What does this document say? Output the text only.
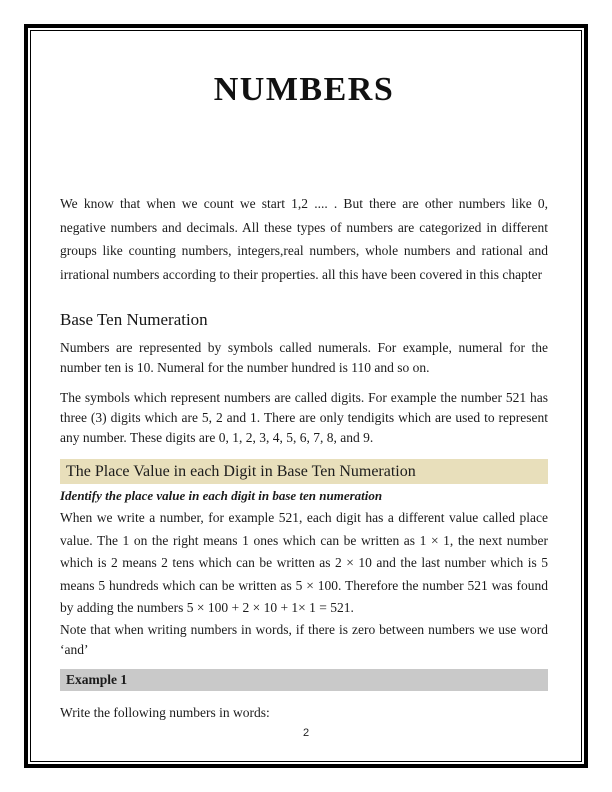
NUMBERS

We know that when we count we start 1,2 .... . But there are other numbers like 0, negative numbers and decimals. All these types of numbers are categorized in different groups like counting numbers, integers,real numbers, whole numbers and rational and irrational numbers according to their properties. all this have been covered in this chapter

Base Ten Numeration

Numbers are represented by symbols called numerals. For example, numeral for the number ten is 10. Numeral for the number hundred is 110 and so on.

The symbols which represent numbers are called digits. For example the number 521 has three (3) digits which are 5, 2 and 1. There are only tendigits which are used to represent any number. These digits are 0, 1, 2, 3, 4, 5, 6, 7, 8, and 9.

The Place Value in each Digit in Base Ten Numeration

Identify the place value in each digit in base ten numeration

When we write a number, for example 521, each digit has a different value called place value. The 1 on the right means 1 ones which can be written as 1 × 1, the next number which is 2 means 2 tens which can be written as 2 × 10 and the last number which is 5 means 5 hundreds which can be written as 5 × 100. Therefore the number 521 was found by adding the numbers 5 × 100 + 2 × 10 + 1× 1 = 521.

Note that when writing numbers in words, if there is zero between numbers we use word ‘and’

Example 1

Write the following numbers in words:

2
